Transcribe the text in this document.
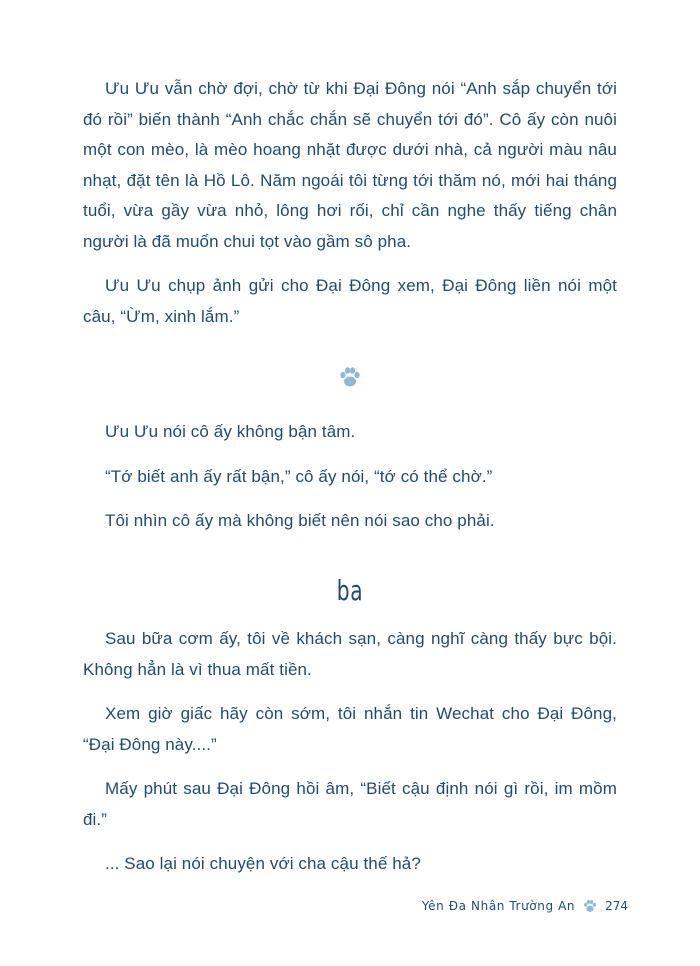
Ưu Ưu vẫn chờ đợi, chờ từ khi Đại Đông nói “Anh sắp chuyển tới đó rồi” biến thành “Anh chắc chắn sẽ chuyển tới đó”. Cô ấy còn nuôi một con mèo, là mèo hoang nhặt được dưới nhà, cả người màu nâu nhạt, đặt tên là Hồ Lô. Năm ngoái tôi từng tới thăm nó, mới hai tháng tuổi, vừa gầy vừa nhỏ, lông hơi rối, chỉ cần nghe thấy tiếng chân người là đã muốn chui tọt vào gầm sô pha.

Ưu Ưu chụp ảnh gửi cho Đại Đông xem, Đại Đông liền nói một câu, “Ừm, xinh lắm.”

Ưu Ưu nói cô ấy không bận tâm.

“Tớ biết anh ấy rất bận,” cô ấy nói, “tớ có thể chờ.”

Tôi nhìn cô ấy mà không biết nên nói sao cho phải.

ba

Sau bữa cơm ấy, tôi về khách sạn, càng nghĩ càng thấy bực bội. Không hẳn là vì thua mất tiền.

Xem giờ giấc hãy còn sớm, tôi nhắn tin Wechat cho Đại Đông, “Đại Đông này....”

Mấy phút sau Đại Đông hồi âm, “Biết cậu định nói gì rồi, im mồm đi.”

... Sao lại nói chuyện với cha cậu thế hả?

Yên Đa Nhân Trường An	274
